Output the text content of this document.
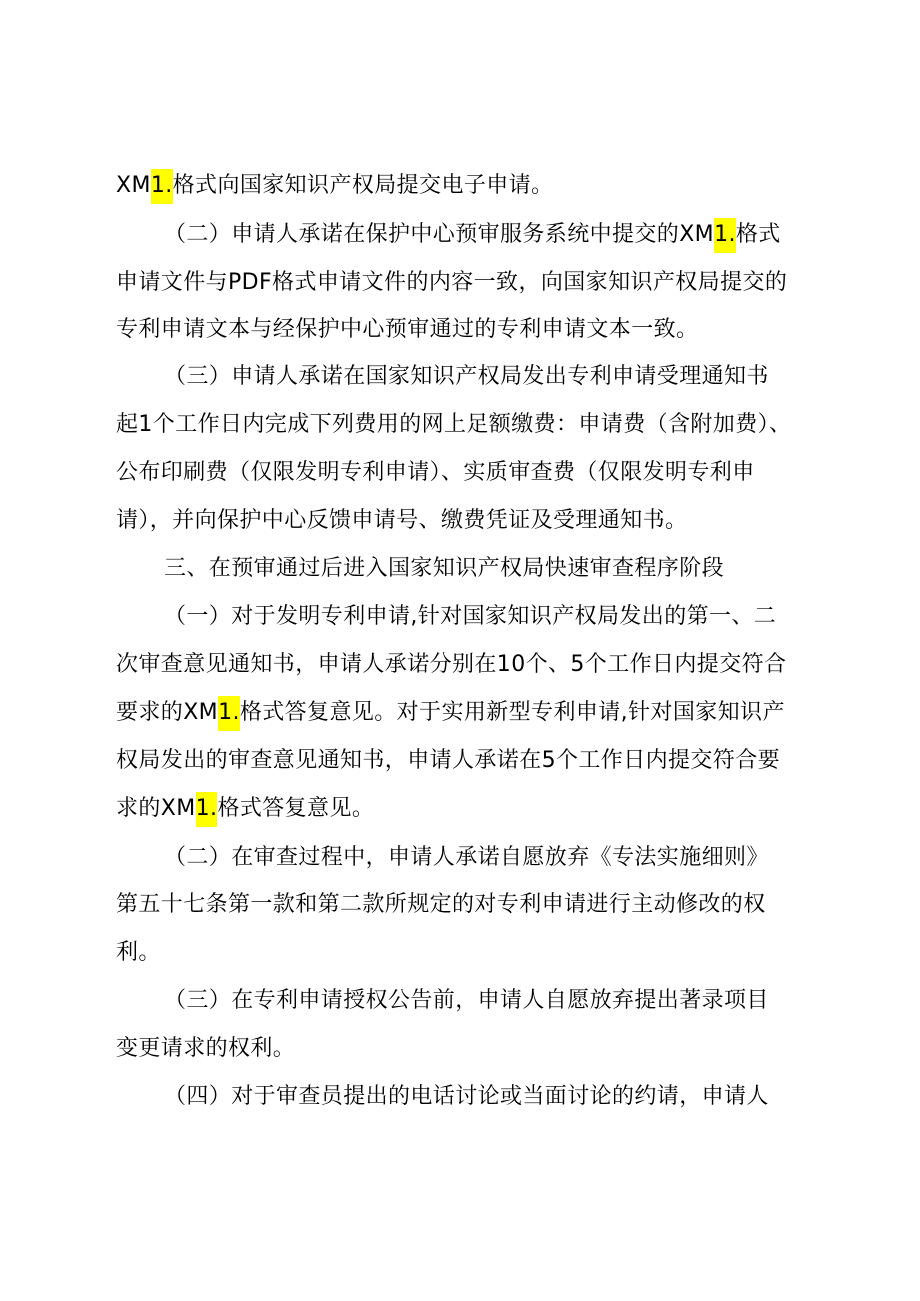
XM1.格式向国家知识产权局提交电子申请。
（二）申请人承诺在保护中心预审服务系统中提交的XM1.格式
申请文件与PDF格式申请文件的内容一致，向国家知识产权局提交的
专利申请文本与经保护中心预审通过的专利申请文本一致。
（三）申请人承诺在国家知识产权局发出专利申请受理通知书
起1个工作日内完成下列费用的网上足额缴费：申请费（含附加费）、
公布印刷费（仅限发明专利申请）、实质审查费（仅限发明专利申
请），并向保护中心反馈申请号、缴费凭证及受理通知书。
三、在预审通过后进入国家知识产权局快速审查程序阶段
（一）对于发明专利申请,针对国家知识产权局发出的第一、二
次审查意见通知书，申请人承诺分别在10个、5个工作日内提交符合
要求的XM1.格式答复意见。对于实用新型专利申请,针对国家知识产
权局发出的审查意见通知书，申请人承诺在5个工作日内提交符合要
求的XM1.格式答复意见。
（二）在审查过程中，申请人承诺自愿放弃《专法实施细则》
第五十七条第一款和第二款所规定的对专利申请进行主动修改的权
利。
（三）在专利申请授权公告前，申请人自愿放弃提出著录项目
变更请求的权利。
（四）对于审查员提出的电话讨论或当面讨论的约请，申请人
